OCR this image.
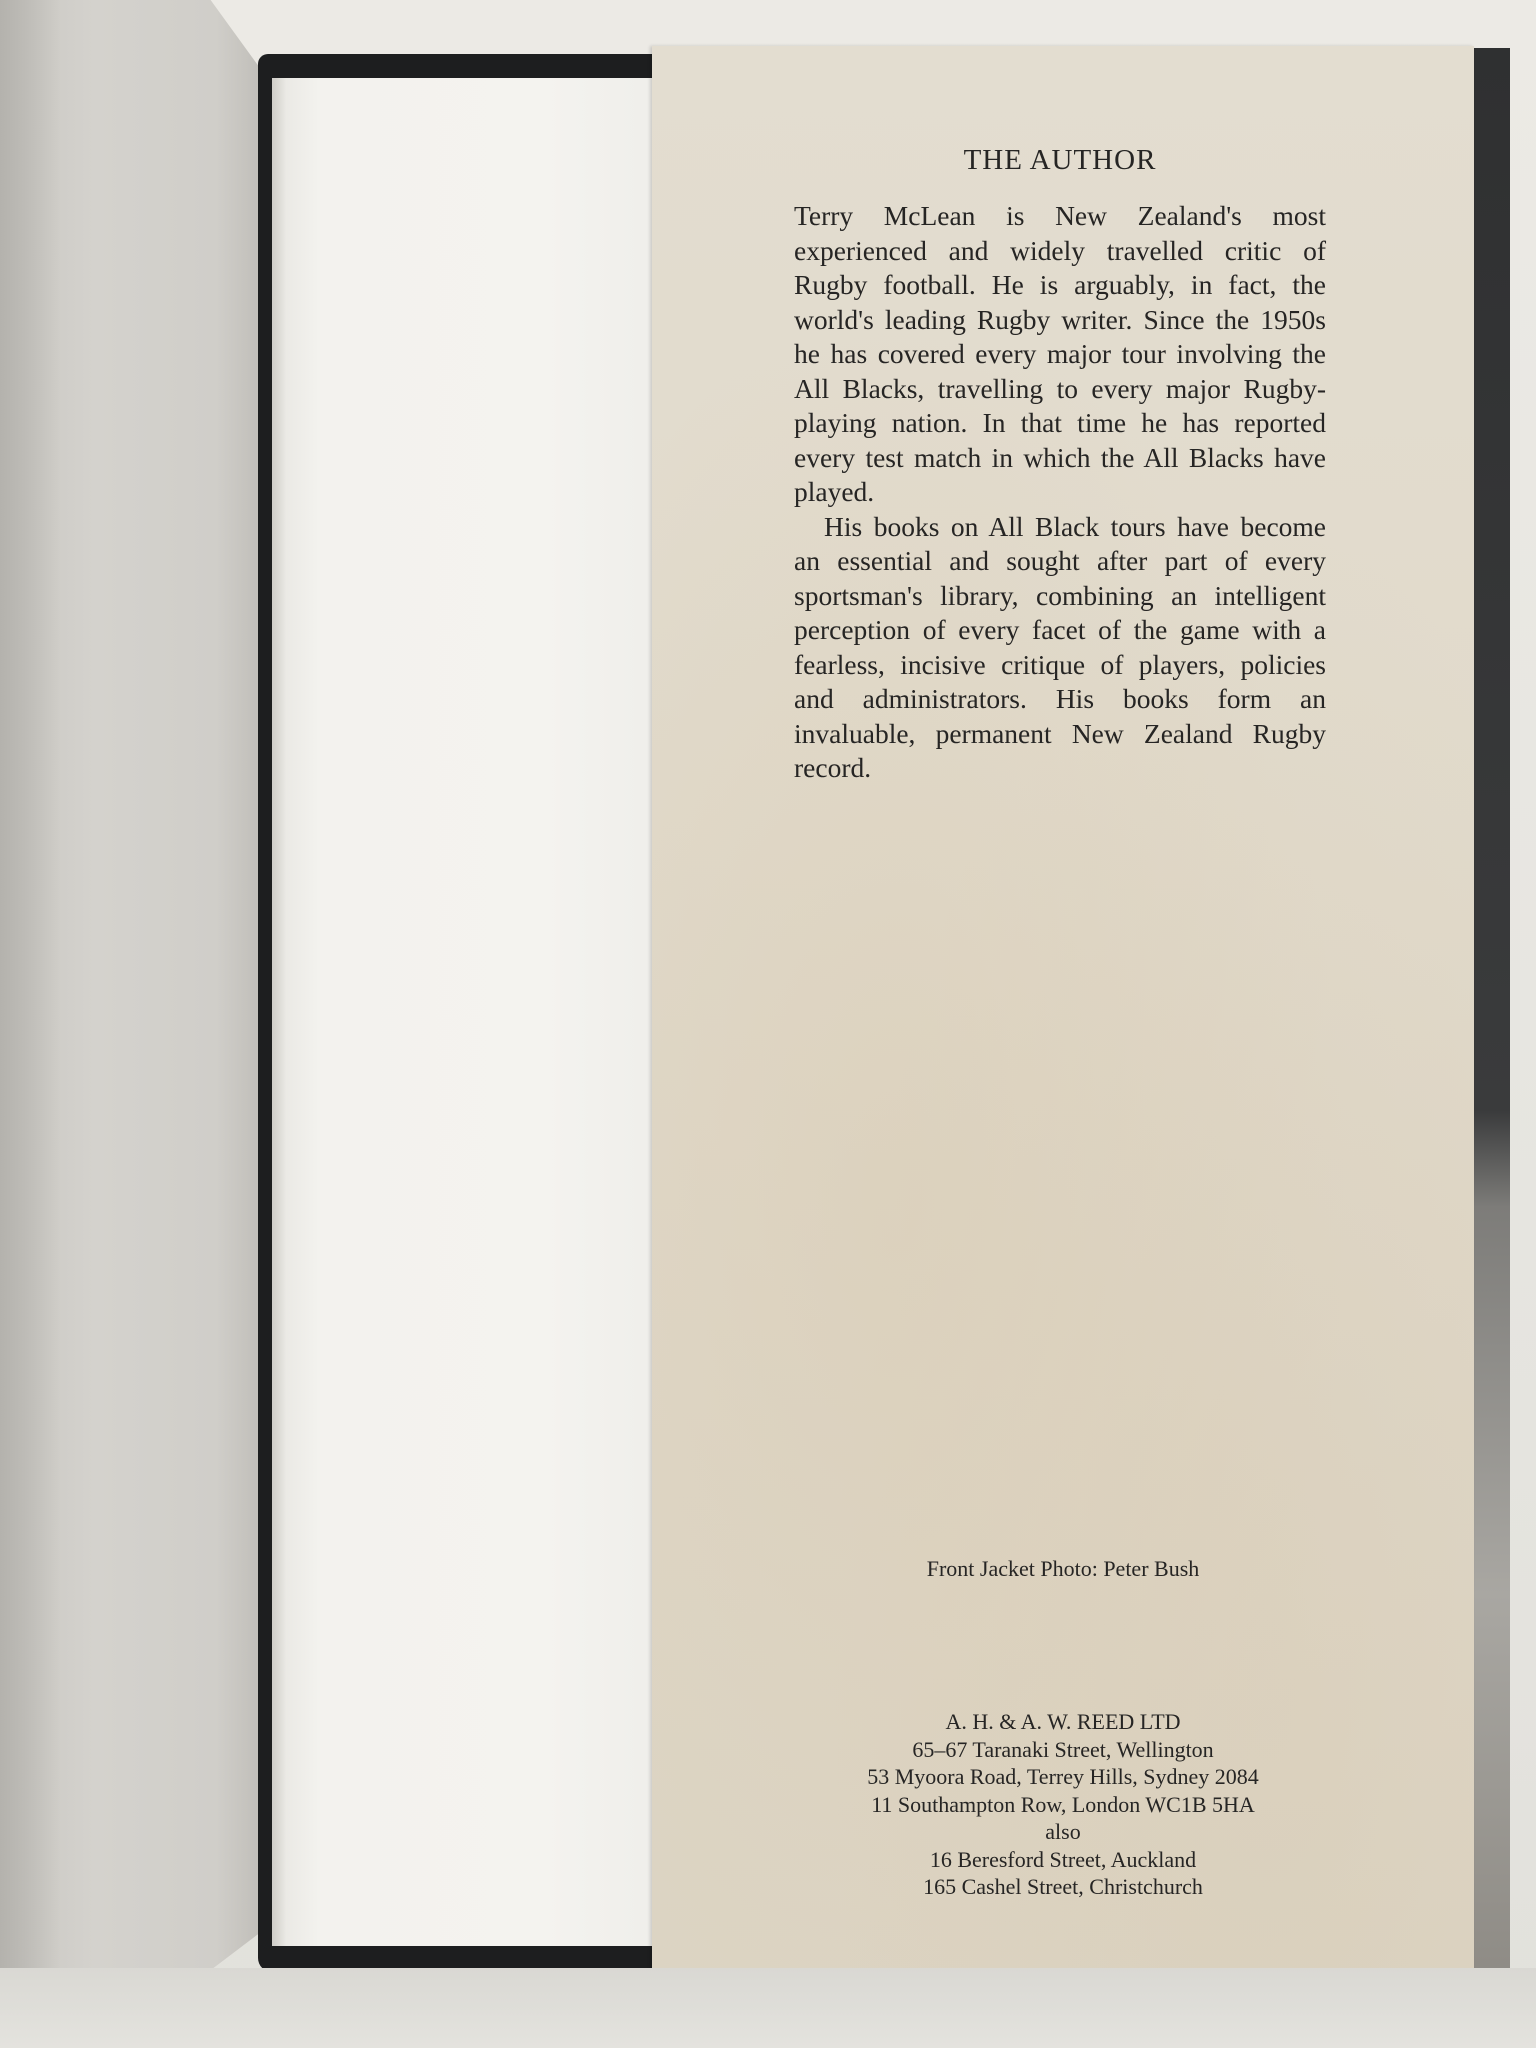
THE AUTHOR

Terry McLean is New Zealand's most experienced and widely travelled critic of Rugby football. He is arguably, in fact, the world's leading Rugby writer. Since the 1950s he has covered every major tour involving the All Blacks, travelling to every major Rugby-playing nation. In that time he has reported every test match in which the All Blacks have played.

His books on All Black tours have become an essential and sought after part of every sportsman's library, combining an intelligent perception of every facet of the game with a fearless, incisive critique of players, policies and administrators. His books form an invaluable, permanent New Zealand Rugby record.

Front Jacket Photo: Peter Bush
A. H. & A. W. REED LTD
65–67 Taranaki Street, Wellington
53 Myoora Road, Terrey Hills, Sydney 2084
11 Southampton Row, London WC1B 5HA
also
16 Beresford Street, Auckland
165 Cashel Street, Christchurch
